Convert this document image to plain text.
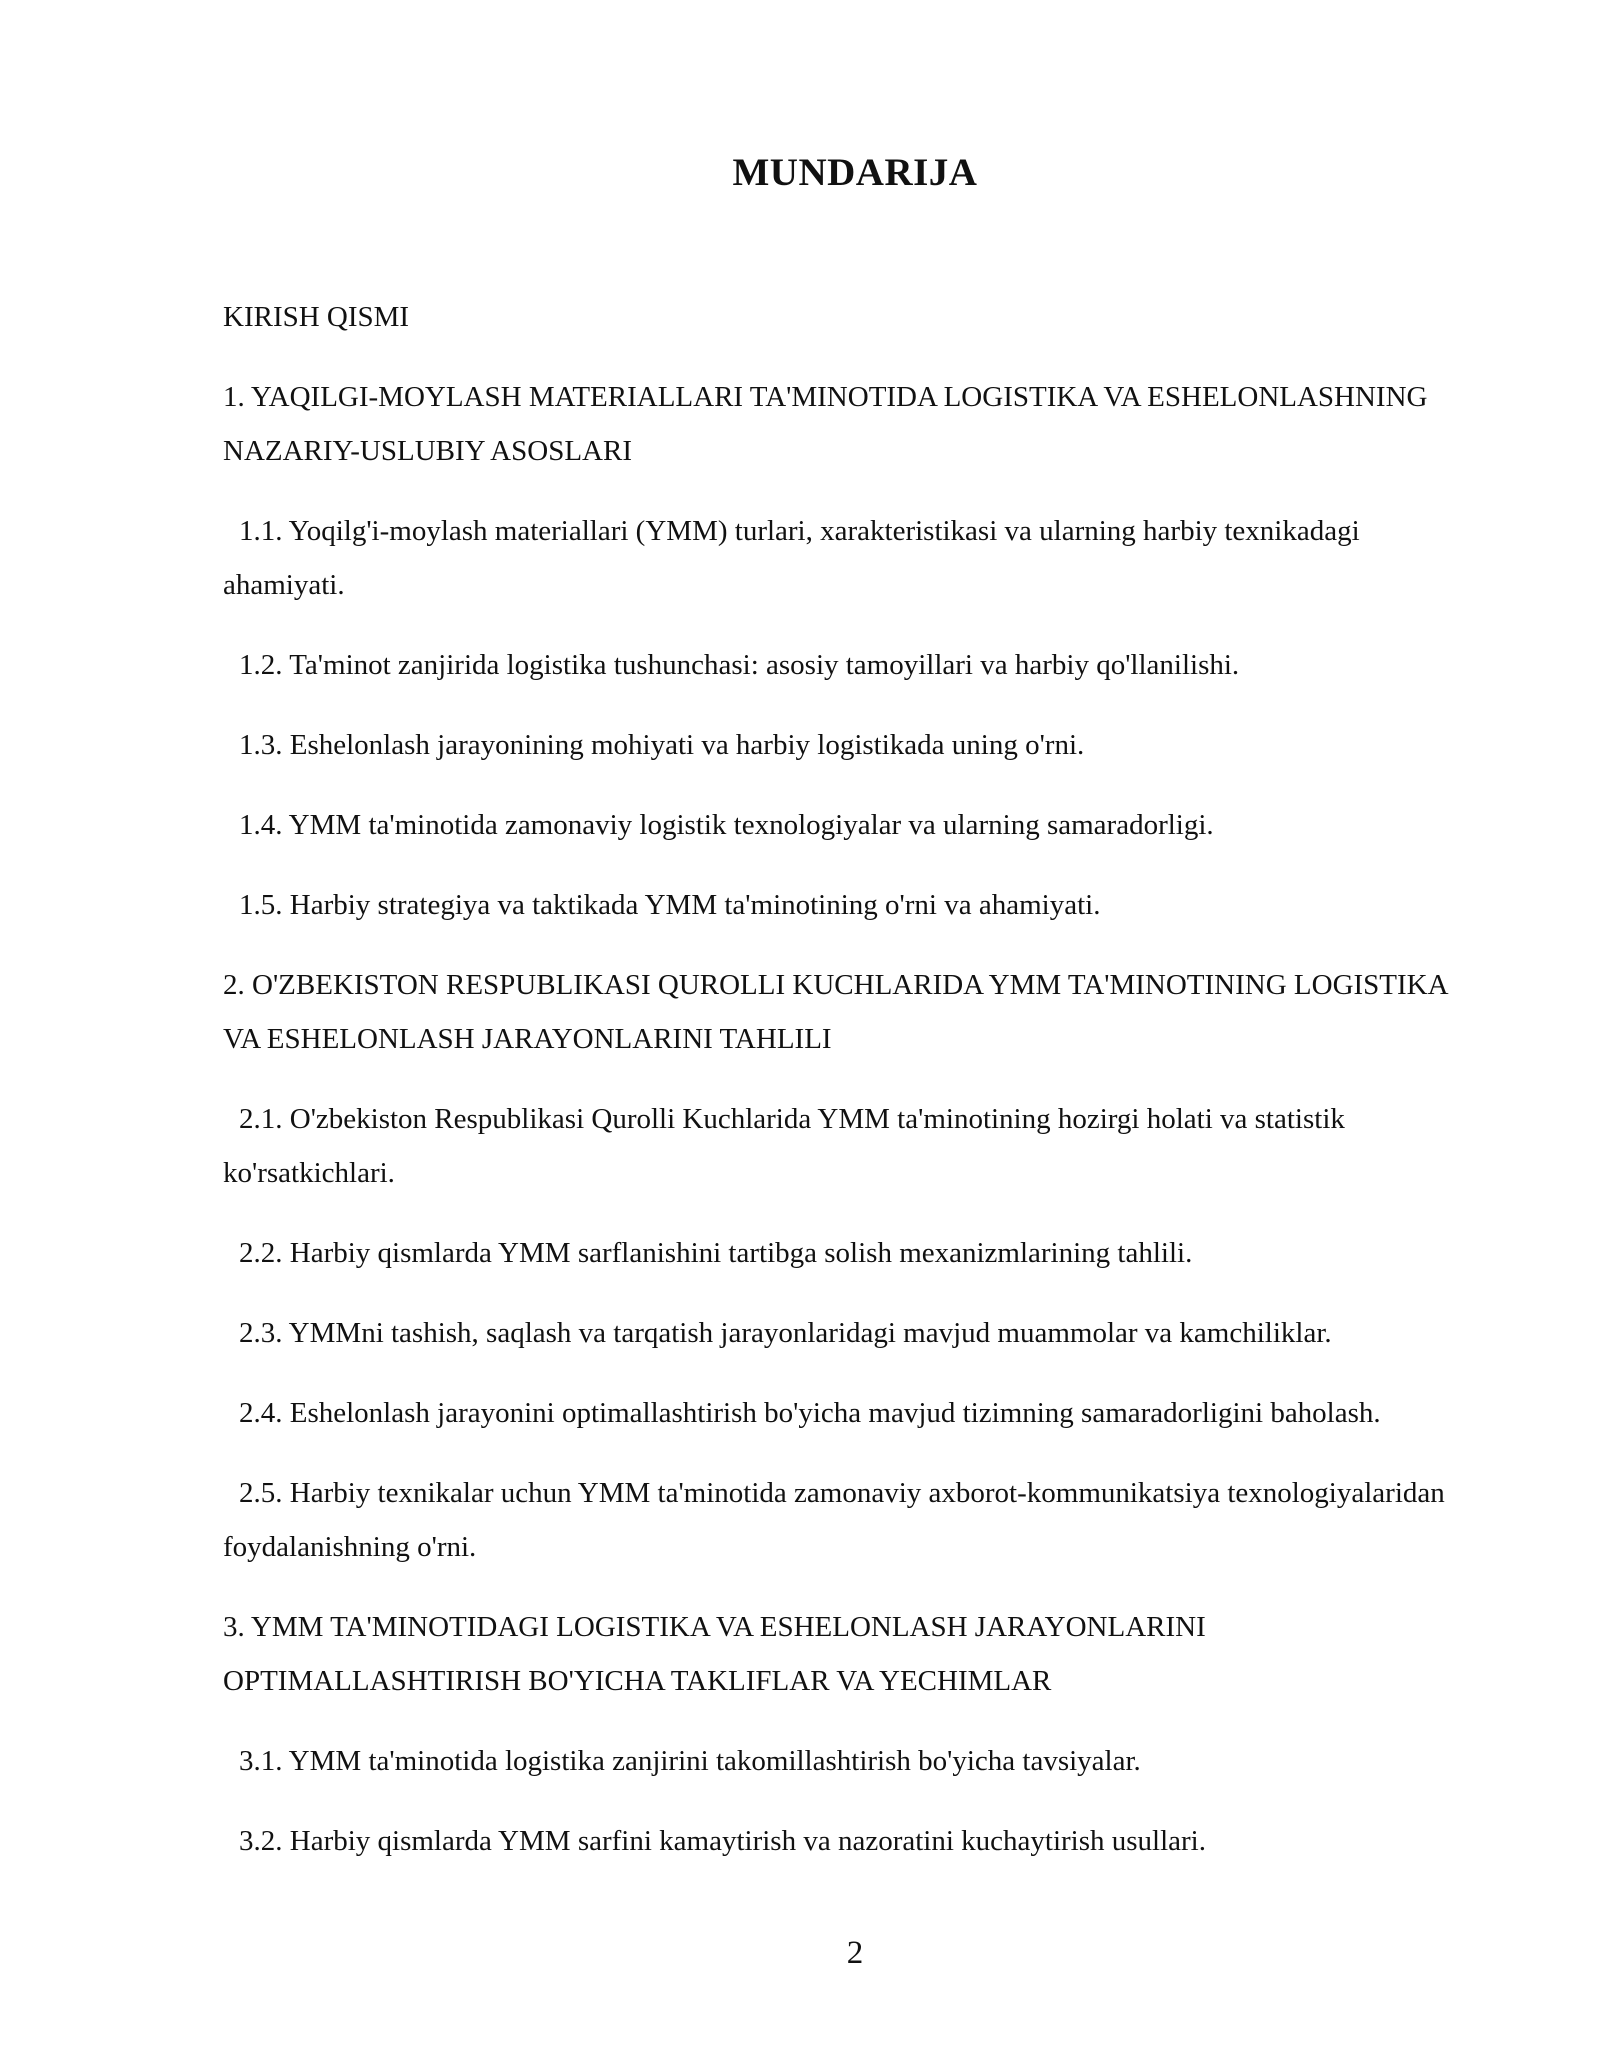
MUNDARIJA

KIRISH QISMI

1. YAQILGI-MOYLASH MATERIALLARI TA'MINOTIDA LOGISTIKA VA ESHELONLASHNING NAZARIY-USLUBIY ASOSLARI

1.1. Yoqilg'i-moylash materiallari (YMM) turlari, xarakteristikasi va ularning harbiy texnikadagi ahamiyati.

1.2. Ta'minot zanjirida logistika tushunchasi: asosiy tamoyillari va harbiy qo'llanilishi.

1.3. Eshelonlash jarayonining mohiyati va harbiy logistikada uning o'rni.

1.4. YMM ta'minotida zamonaviy logistik texnologiyalar va ularning samaradorligi.

1.5. Harbiy strategiya va taktikada YMM ta'minotining o'rni va ahamiyati.

2. O'ZBEKISTON RESPUBLIKASI QUROLLI KUCHLARIDA YMM TA'MINOTINING LOGISTIKA VA ESHELONLASH JARAYONLARINI TAHLILI

2.1. O'zbekiston Respublikasi Qurolli Kuchlarida YMM ta'minotining hozirgi holati va statistik ko'rsatkichlari.

2.2. Harbiy qismlarda YMM sarflanishini tartibga solish mexanizmlarining tahlili.

2.3. YMMni tashish, saqlash va tarqatish jarayonlaridagi mavjud muammolar va kamchiliklar.

2.4. Eshelonlash jarayonini optimallashtirish bo'yicha mavjud tizimning samaradorligini baholash.

2.5. Harbiy texnikalar uchun YMM ta'minotida zamonaviy axborot-kommunikatsiya texnologiyalaridan foydalanishning o'rni.

3. YMM TA'MINOTIDAGI LOGISTIKA VA ESHELONLASH JARAYONLARINI OPTIMALLASHTIRISH BO'YICHA TAKLIFLAR VA YECHIMLAR

3.1. YMM ta'minotida logistika zanjirini takomillashtirish bo'yicha tavsiyalar.

3.2. Harbiy qismlarda YMM sarfini kamaytirish va nazoratini kuchaytirish usullari.

2
